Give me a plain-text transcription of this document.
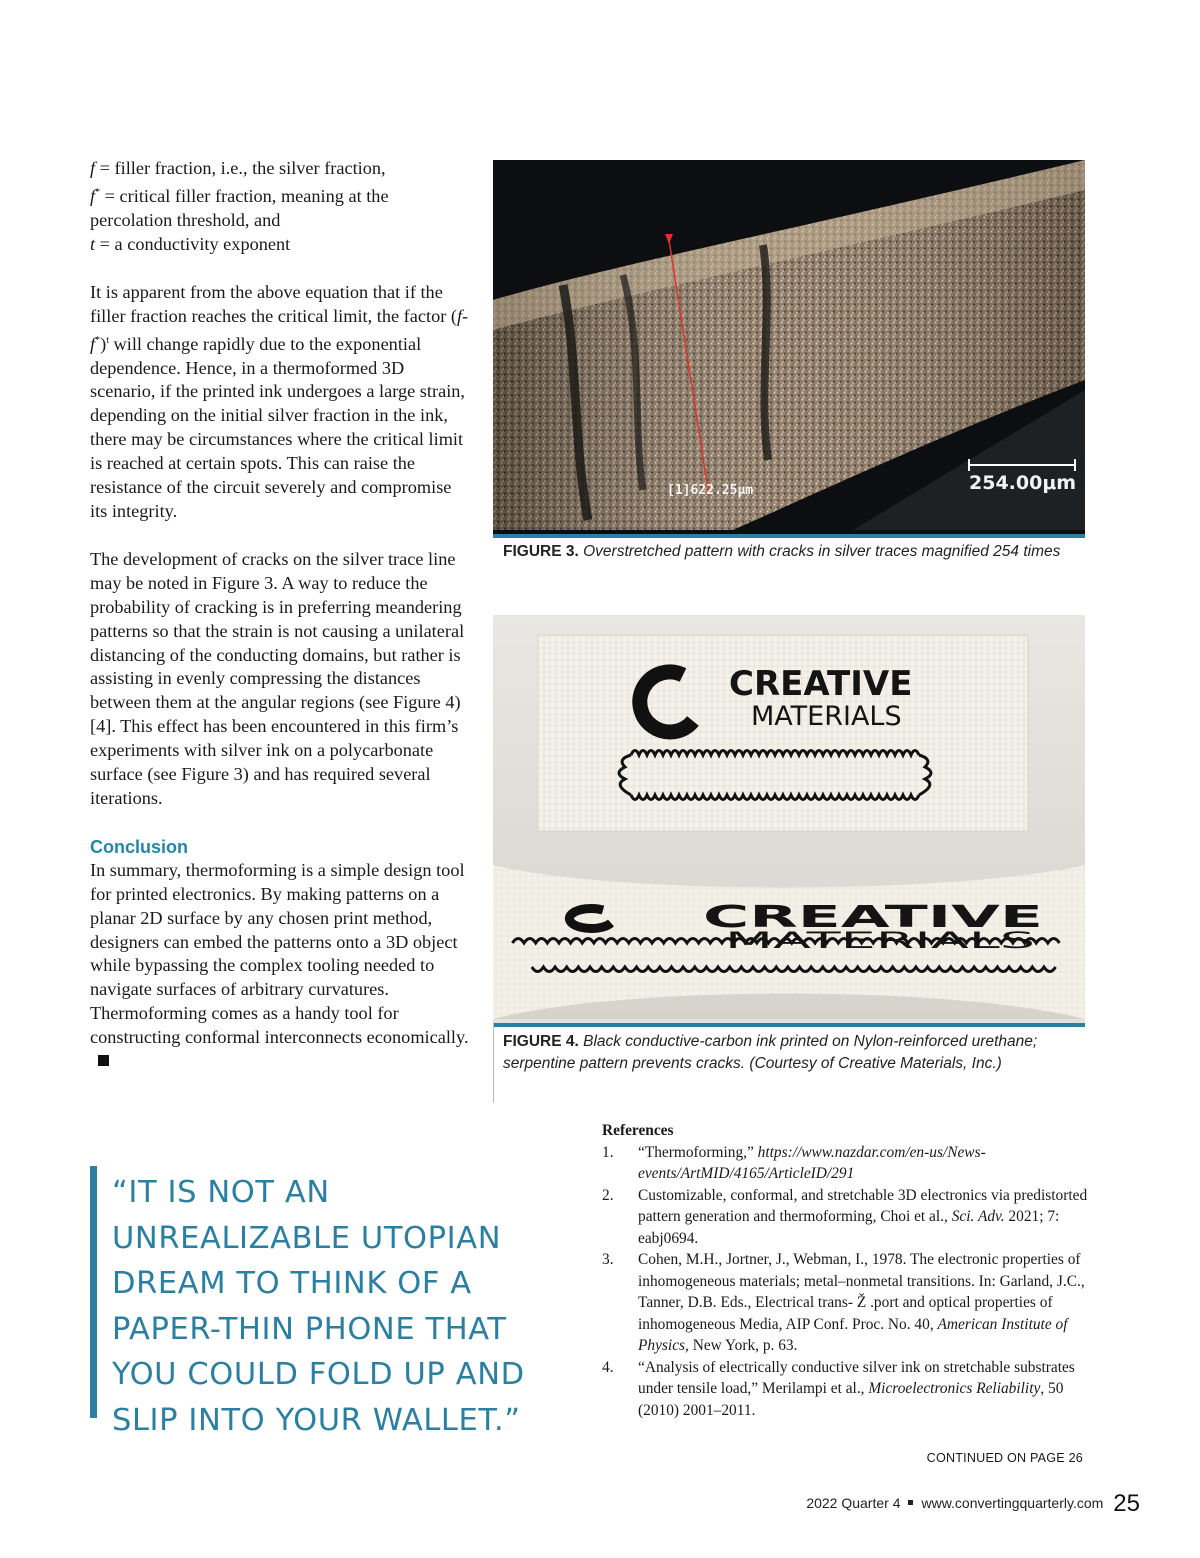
f = filler fraction, i.e., the silver fraction,
f* = critical filler fraction, meaning at the percolation threshold, and
t = a conductivity exponent

It is apparent from the above equation that if the filler fraction reaches the critical limit, the factor $(f-f^*)^t$ will change rapidly due to the exponential dependence. Hence, in a thermoformed 3D scenario, if the printed ink undergoes a large strain, depending on the initial silver fraction in the ink, there may be circumstances where the critical limit is reached at certain spots. This can raise the resistance of the circuit severely and compromise its integrity.

The development of cracks on the silver trace line may be noted in Figure 3. A way to reduce the probability of cracking is in preferring meandering patterns so that the strain is not causing a unilateral distancing of the conducting domains, but rather is assisting in evenly compressing the distances between them at the angular regions (see Figure 4) [4]. This effect has been encountered in this firm’s experiments with silver ink on a polycarbonate surface (see Figure 3) and has required several iterations.

Conclusion

In summary, thermoforming is a simple design tool for printed electronics. By making patterns on a planar 2D surface by any chosen print method, designers can embed the patterns onto a 3D object while bypassing the complex tooling needed to navigate surfaces of arbitrary curvatures. Thermoforming comes as a handy tool for constructing conformal interconnects economically.

[1]622.25μm	254.00μm
FIGURE 3. Overstretched pattern with cracks in silver traces magnified 254 times
CREATIVE
MATERIALS
CREATIVE
MATERIALS
FIGURE 4. Black conductive-carbon ink printed on Nylon-reinforced urethane; serpentine pattern prevents cracks. (Courtesy of Creative Materials, Inc.)

“IT IS NOT AN UNREALIZABLE UTOPIAN DREAM TO THINK OF A PAPER-THIN PHONE THAT YOU COULD FOLD UP AND SLIP INTO YOUR WALLET.”

References

1. “Thermoforming,” https://www.nazdar.com/en-us/News-events/ArtMID/4165/ArticleID/291
2. Customizable, conformal, and stretchable 3D electronics via predistorted pattern generation and thermoforming, Choi et al., Sci. Adv. 2021; 7: eabj0694.
3. Cohen, M.H., Jortner, J., Webman, I., 1978. The electronic properties of inhomogeneous materials; metal–nonmetal transitions. In: Garland, J.C., Tanner, D.B. Eds., Electrical trans- Ž .port and optical properties of inhomogeneous Media, AIP Conf. Proc. No. 40, American Institute of Physics, New York, p. 63.
4. “Analysis of electrically conductive silver ink on stretchable substrates under tensile load,” Merilampi et al., Microelectronics Reliability, 50 (2010) 2001–2011.
CONTINUED ON PAGE 26
2022 Quarter 4 www.convertingquarterly.com 25
